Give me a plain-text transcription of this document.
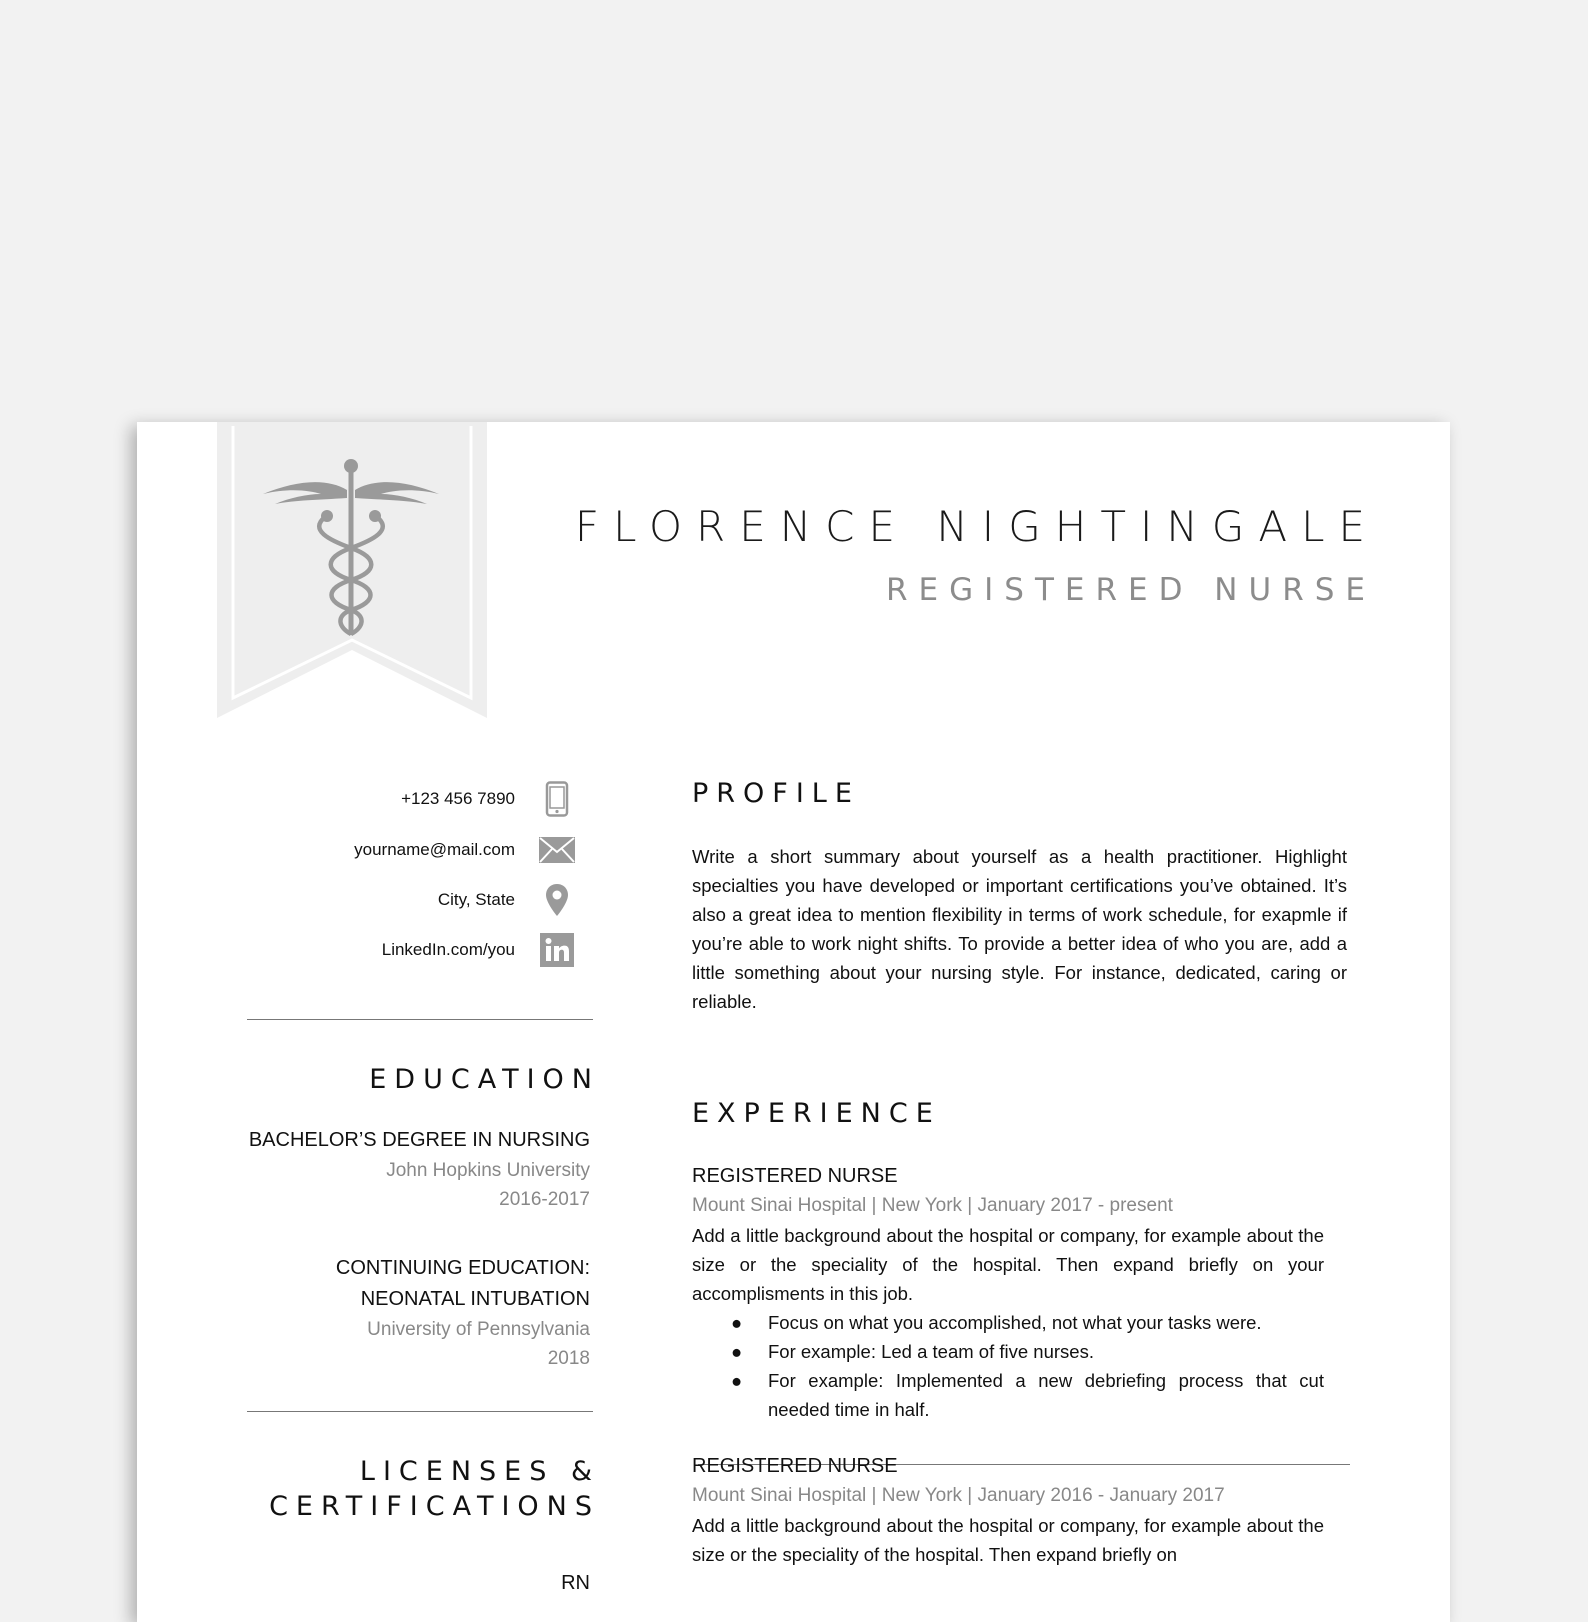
FLORENCE NIGHTINGALE
REGISTERED NURSE
+123 456 7890
yourname@mail.com
City, State
LinkedIn.com/you
EDUCATION
BACHELOR’S DEGREE IN NURSING
John Hopkins University
2016-2017
CONTINUING EDUCATION:
NEONATAL INTUBATION
University of Pennsylvania
2018
LICENSES &
CERTIFICATIONS
RN
PROFILE
Write a short summary about yourself as a health practitioner. Highlight specialties you have developed or important certifications you’ve obtained. It’s also a great idea to mention flexibility in terms of work schedule, for exapmle if you’re able to work night shifts. To provide a better idea of who you are, add a little something about your nursing style. For instance, dedicated, caring or reliable.
EXPERIENCE
REGISTERED NURSE
Mount Sinai Hospital | New York | January 2017 - present
Add a little background about the hospital or company, for example about the size or the speciality of the hospital. Then expand briefly on your accomplisments in this job.
● Focus on what you accomplished, not what your tasks were.
● For example: Led a team of five nurses.
● For example: Implemented a new debriefing process that cut needed time in half.
REGISTERED NURSE
Mount Sinai Hospital | New York | January 2016 - January 2017
Add a little background about the hospital or company, for example about the size or the speciality of the hospital. Then expand briefly on
